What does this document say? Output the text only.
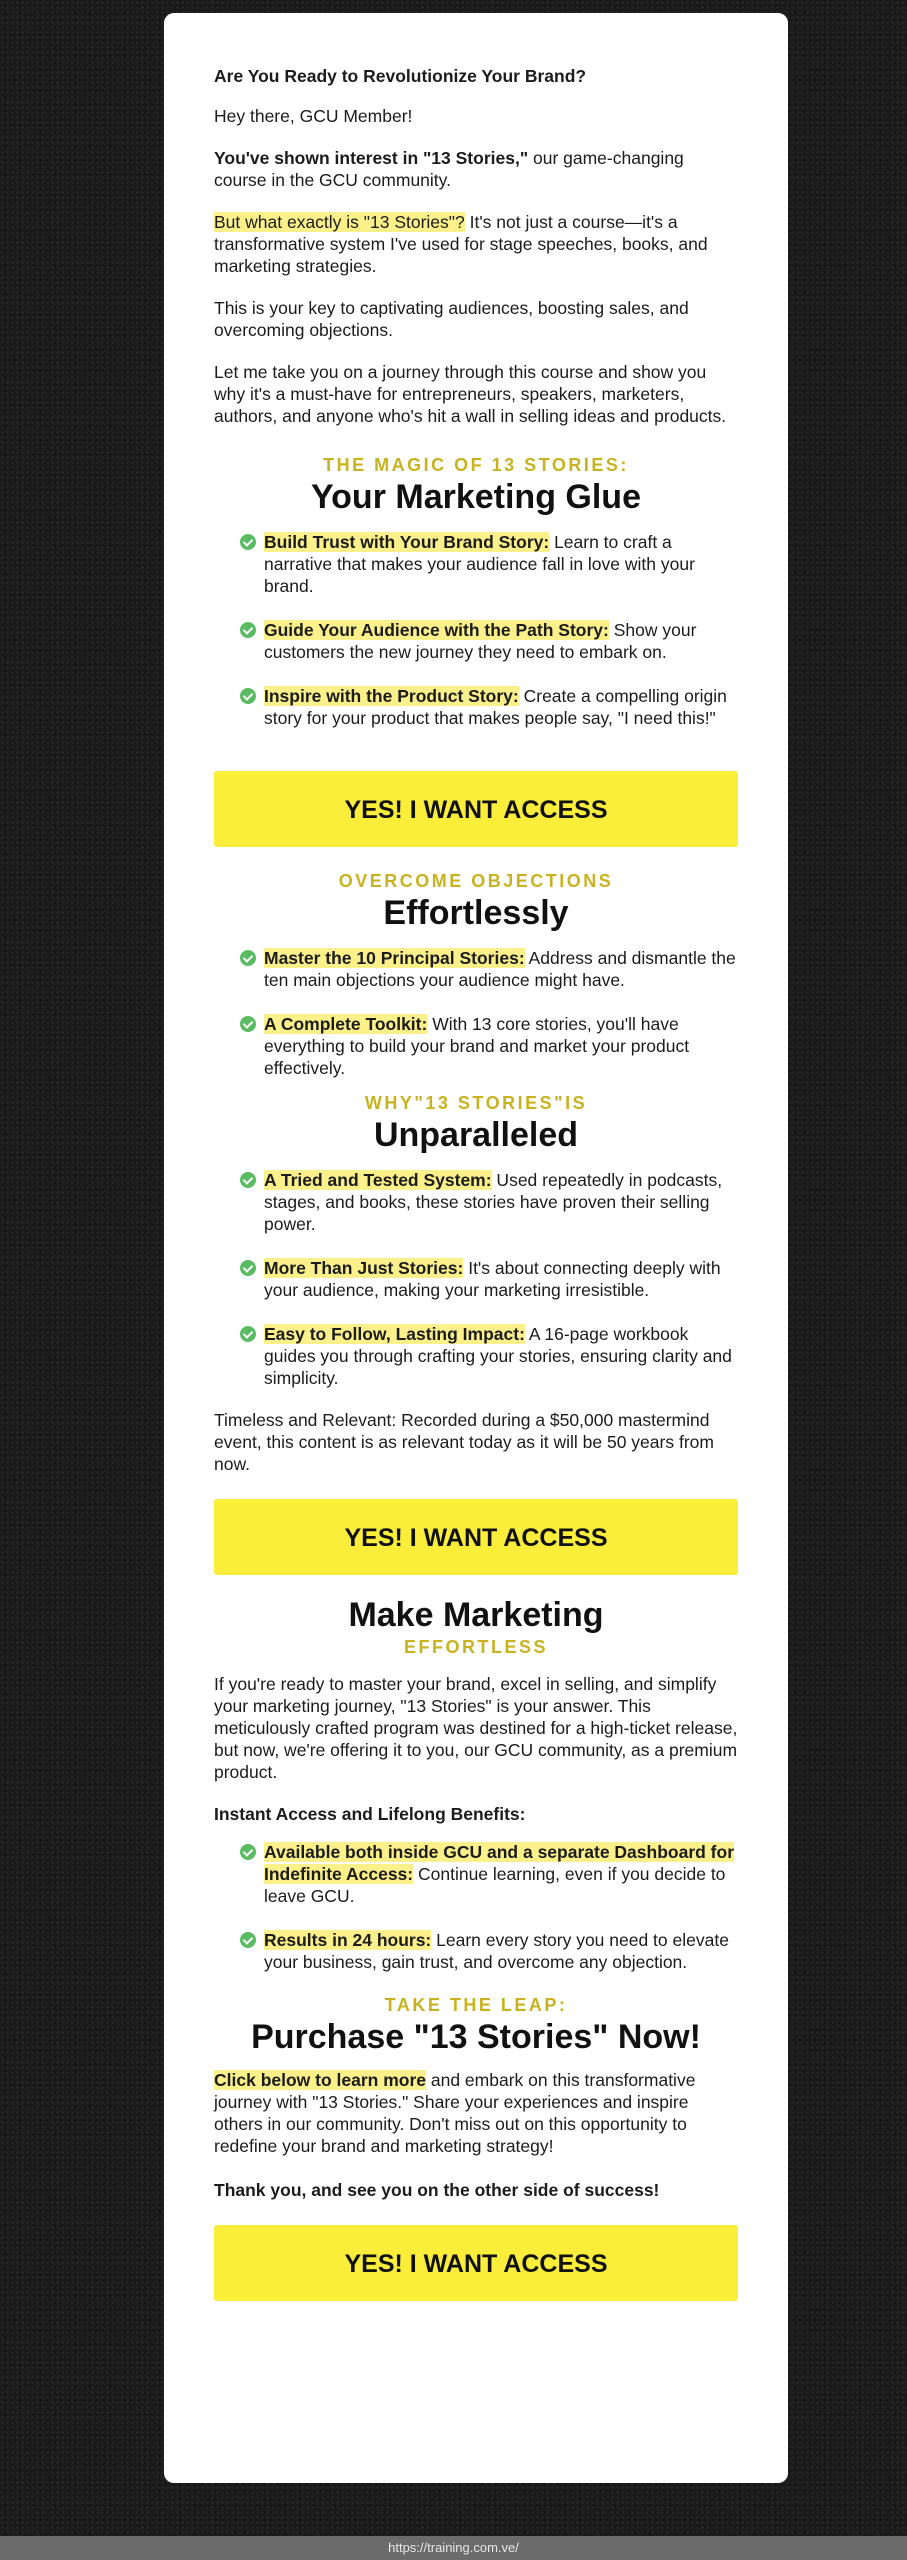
Are You Ready to Revolutionize Your Brand?

Hey there, GCU Member!

You've shown interest in "13 Stories," our game-changing course in the GCU community.

But what exactly is "13 Stories"? It's not just a course—it's a transformative system I've used for stage speeches, books, and marketing strategies.

This is your key to captivating audiences, boosting sales, and overcoming objections.

Let me take you on a journey through this course and show you why it's a must-have for entrepreneurs, speakers, marketers, authors, and anyone who's hit a wall in selling ideas and products.

THE MAGIC OF 13 STORIES:

Your Marketing Glue

Build Trust with Your Brand Story: Learn to craft a narrative that makes your audience fall in love with your brand.
Guide Your Audience with the Path Story: Show your customers the new journey they need to embark on.
Inspire with the Product Story: Create a compelling origin story for your product that makes people say, "I need this!"
YES! I WANT ACCESS

OVERCOME OBJECTIONS

Effortlessly

Master the 10 Principal Stories: Address and dismantle the ten main objections your audience might have.
A Complete Toolkit: With 13 core stories, you'll have everything to build your brand and market your product effectively.

WHY"13 STORIES"IS

Unparalleled

A Tried and Tested System: Used repeatedly in podcasts, stages, and books, these stories have proven their selling power.
More Than Just Stories: It's about connecting deeply with your audience, making your marketing irresistible.
Easy to Follow, Lasting Impact: A 16-page workbook guides you through crafting your stories, ensuring clarity and simplicity.

Timeless and Relevant: Recorded during a $50,000 mastermind event, this content is as relevant today as it will be 50 years from now.

YES! I WANT ACCESS

Make Marketing

EFFORTLESS

If you're ready to master your brand, excel in selling, and simplify your marketing journey, "13 Stories" is your answer. This meticulously crafted program was destined for a high-ticket release, but now, we're offering it to you, our GCU community, as a premium product.

Instant Access and Lifelong Benefits:

Available both inside GCU and a separate Dashboard for Indefinite Access: Continue learning, even if you decide to leave GCU.
Results in 24 hours: Learn every story you need to elevate your business, gain trust, and overcome any objection.

TAKE THE LEAP:

Purchase "13 Stories" Now!

Click below to learn more and embark on this transformative journey with "13 Stories." Share your experiences and inspire others in our community. Don't miss out on this opportunity to redefine your brand and marketing strategy!

Thank you, and see you on the other side of success!

YES! I WANT ACCESS
https://training.com.ve/
